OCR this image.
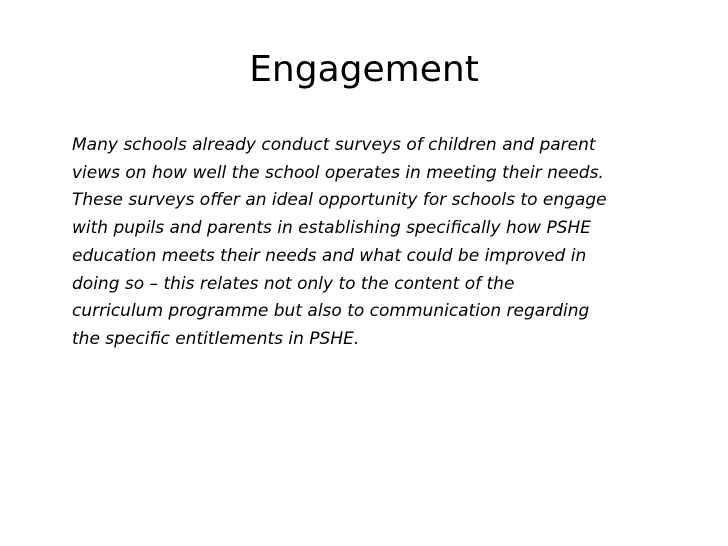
Engagement

Many schools already conduct surveys of children and parent
views on how well the school operates in meeting their needs.
These surveys offer an ideal opportunity for schools to engage
with pupils and parents in establishing specifically how PSHE
education meets their needs and what could be improved in
doing so – this relates not only to the content of the
curriculum programme but also to communication regarding
the specific entitlements in PSHE.
